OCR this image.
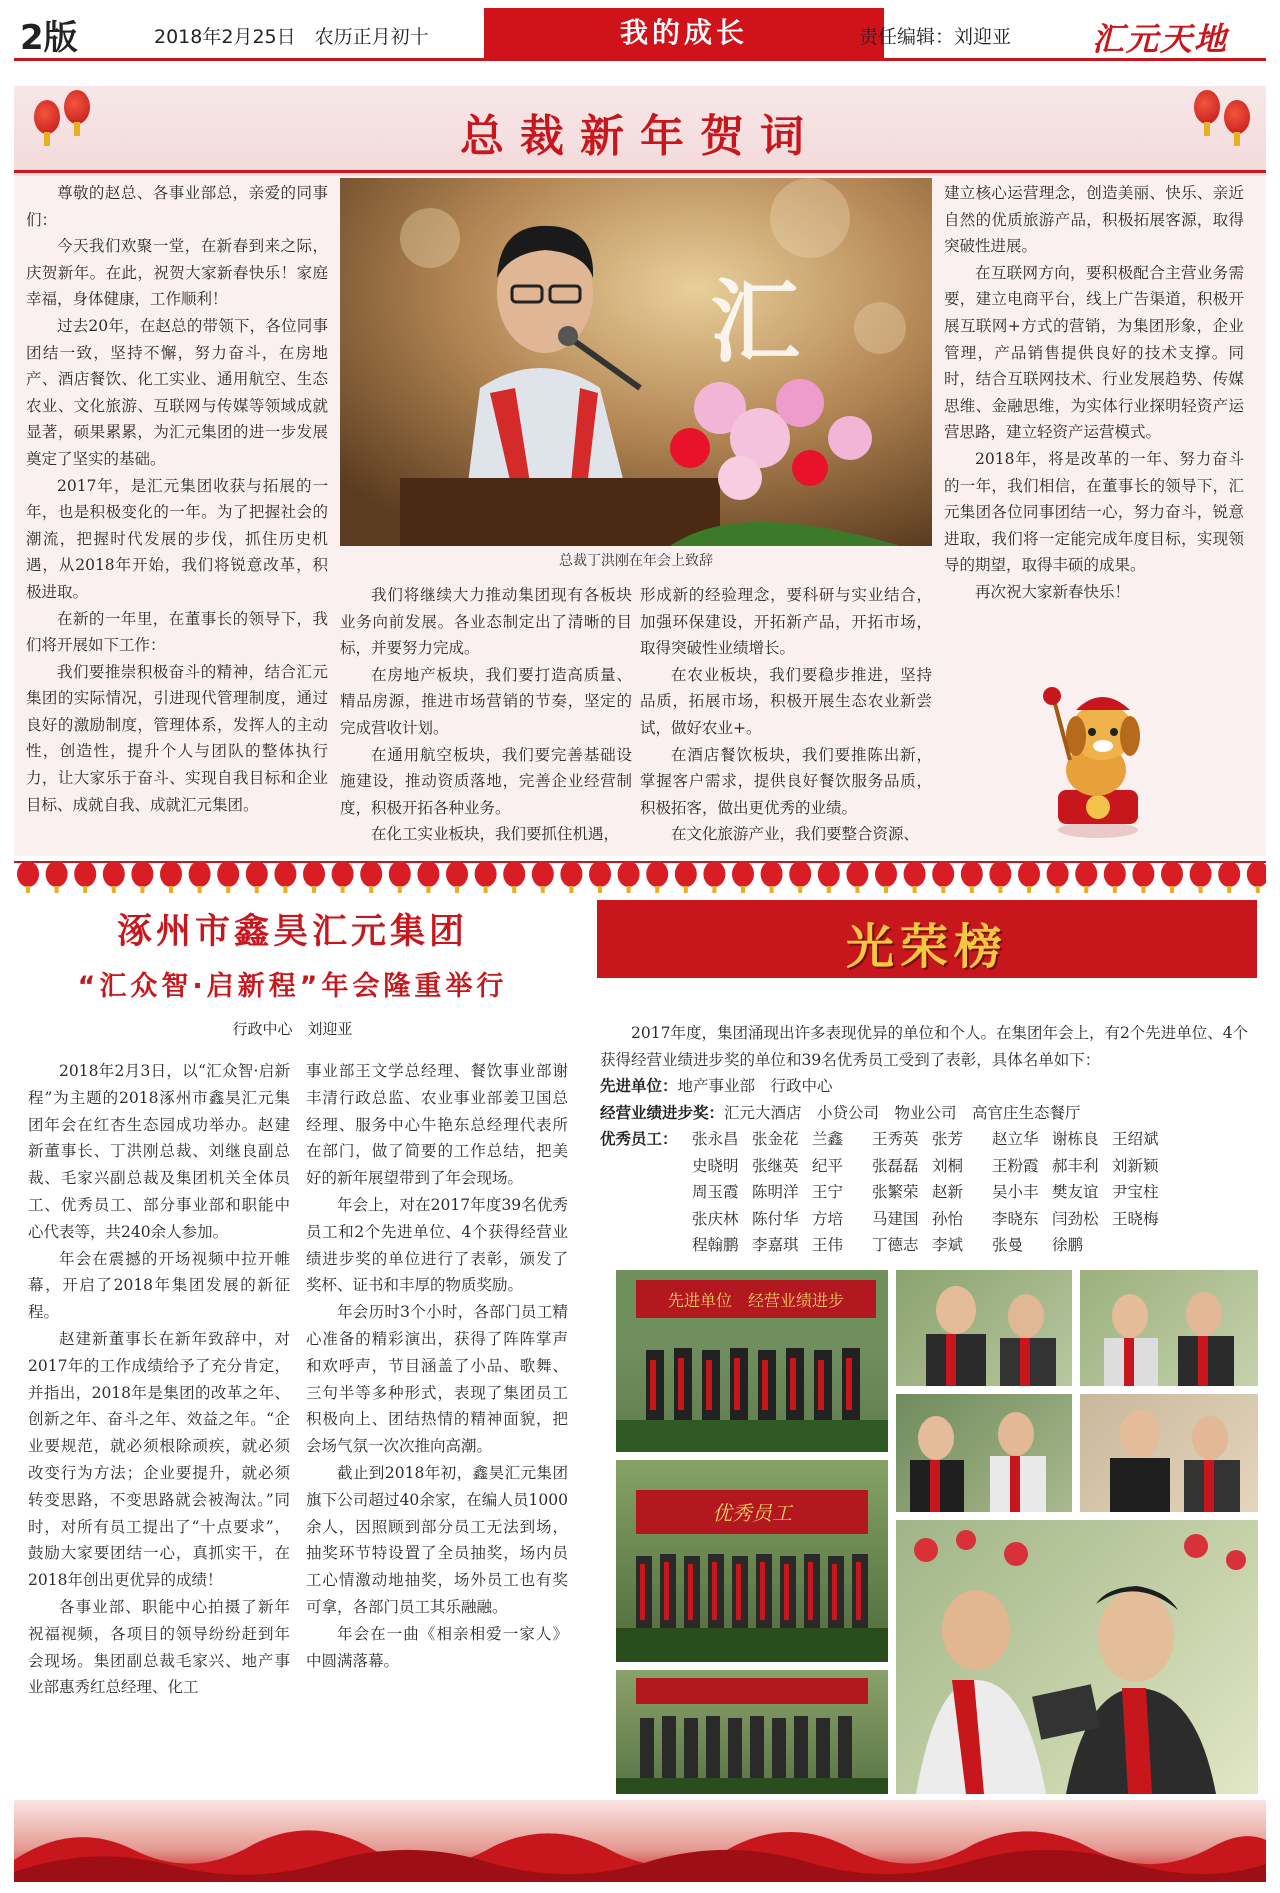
2版	2018年2月25日　农历正月初十	我的成长	责任编辑：刘迎亚	汇元天地
总裁新年贺词

尊敬的赵总、各事业部总，亲爱的同事们：

今天我们欢聚一堂，在新春到来之际，庆贺新年。在此，祝贺大家新春快乐！家庭幸福，身体健康，工作顺利！

过去20年，在赵总的带领下，各位同事团结一致，坚持不懈，努力奋斗，在房地产、酒店餐饮、化工实业、通用航空、生态农业、文化旅游、互联网与传媒等领域成就显著，硕果累累，为汇元集团的进一步发展奠定了坚实的基础。

2017年，是汇元集团收获与拓展的一年，也是积极变化的一年。为了把握社会的潮流，把握时代发展的步伐，抓住历史机遇，从2018年开始，我们将锐意改革，积极进取。

在新的一年里，在董事长的领导下，我们将开展如下工作：

我们要推崇积极奋斗的精神，结合汇元集团的实际情况，引进现代管理制度，通过良好的激励制度，管理体系，发挥人的主动性，创造性，提升个人与团队的整体执行力，让大家乐于奋斗、实现自我目标和企业目标、成就自我、成就汇元集团。

汇
总裁丁洪刚在年会上致辞

我们将继续大力推动集团现有各板块业务向前发展。各业态制定出了清晰的目标，并要努力完成。

在房地产板块，我们要打造高质量、精品房源，推进市场营销的节奏，坚定的完成营收计划。

在通用航空板块，我们要完善基础设施建设，推动资质落地，完善企业经营制度，积极开拓各种业务。

在化工实业板块，我们要抓住机遇，

形成新的经验理念，要科研与实业结合，加强环保建设，开拓新产品，开拓市场，取得突破性业绩增长。

在农业板块，我们要稳步推进，坚持品质，拓展市场，积极开展生态农业新尝试，做好农业+。

在酒店餐饮板块，我们要推陈出新，掌握客户需求，提供良好餐饮服务品质，积极拓客，做出更优秀的业绩。

在文化旅游产业，我们要整合资源、

建立核心运营理念，创造美丽、快乐、亲近自然的优质旅游产品，积极拓展客源，取得突破性进展。

在互联网方向，要积极配合主营业务需要，建立电商平台，线上广告渠道，积极开展互联网+方式的营销，为集团形象，企业管理，产品销售提供良好的技术支撑。同时，结合互联网技术、行业发展趋势、传媒思维、金融思维，为实体行业探明轻资产运营思路，建立轻资产运营模式。

2018年，将是改革的一年、努力奋斗的一年，我们相信，在董事长的领导下，汇元集团各位同事团结一心，努力奋斗，锐意进取，我们将一定能完成年度目标，实现领导的期望，取得丰硕的成果。

再次祝大家新春快乐！

涿州市鑫昊汇元集团
“汇众智·启新程”年会隆重举行
行政中心　刘迎亚

2018年2月3日，以“汇众智·启新程”为主题的2018涿州市鑫昊汇元集团年会在红杏生态园成功举办。赵建新董事长、丁洪刚总裁、刘继良副总裁、毛家兴副总裁及集团机关全体员工、优秀员工、部分事业部和职能中心代表等，共240余人参加。

年会在震撼的开场视频中拉开帷幕，开启了2018年集团发展的新征程。

赵建新董事长在新年致辞中，对2017年的工作成绩给予了充分肯定，并指出，2018年是集团的改革之年、创新之年、奋斗之年、效益之年。“企业要规范，就必须根除顽疾，就必须改变行为方法；企业要提升，就必须转变思路，不变思路就会被淘汰。”同时，对所有员工提出了“十点要求”，鼓励大家要团结一心，真抓实干，在2018年创出更优异的成绩！

各事业部、职能中心拍摄了新年祝福视频，各项目的领导纷纷赶到年会现场。集团副总裁毛家兴、地产事业部惠秀红总经理、化工

事业部王文学总经理、餐饮事业部谢丰清行政总监、农业事业部姜卫国总经理、服务中心牛艳东总经理代表所在部门，做了简要的工作总结，把美好的新年展望带到了年会现场。

年会上，对在2017年度39名优秀员工和2个先进单位、4个获得经营业绩进步奖的单位进行了表彰，颁发了奖杯、证书和丰厚的物质奖励。

年会历时3个小时，各部门员工精心准备的精彩演出，获得了阵阵掌声和欢呼声，节目涵盖了小品、歌舞、三句半等多种形式，表现了集团员工积极向上、团结热情的精神面貌，把会场气氛一次次推向高潮。

截止到2018年初，鑫昊汇元集团旗下公司超过40余家，在编人员1000余人，因照顾到部分员工无法到场，抽奖环节特设置了全员抽奖，场内员工心情激动地抽奖，场外员工也有奖可拿，各部门员工其乐融融。

年会在一曲《相亲相爱一家人》中圆满落幕。

光荣榜

2017年度，集团涌现出许多表现优异的单位和个人。在集团年会上，有2个先进单位、4个获得经营业绩进步奖的单位和39名优秀员工受到了表彰，具体名单如下：

先进单位：地产事业部　行政中心
经营业绩进步奖：汇元大酒店　小贷公司　物业公司　高官庄生态餐厅
优秀员工： 张永昌 张金花 兰鑫 王秀英 张芳 赵立华 谢栋良 王绍斌
史晓明 张继英 纪平 张磊磊 刘桐 王粉霞 郝丰利 刘新颖
周玉霞 陈明洋 王宁 张繁荣 赵新 吴小丰 樊友谊 尹宝柱
张庆林 陈付华 方培 马建国 孙怡 李晓东 闫劲松 王晓梅
程翰鹏 李嘉琪 王伟 丁德志 李斌 张曼 徐鹏
先进单位　经营业绩进步
优秀员工
